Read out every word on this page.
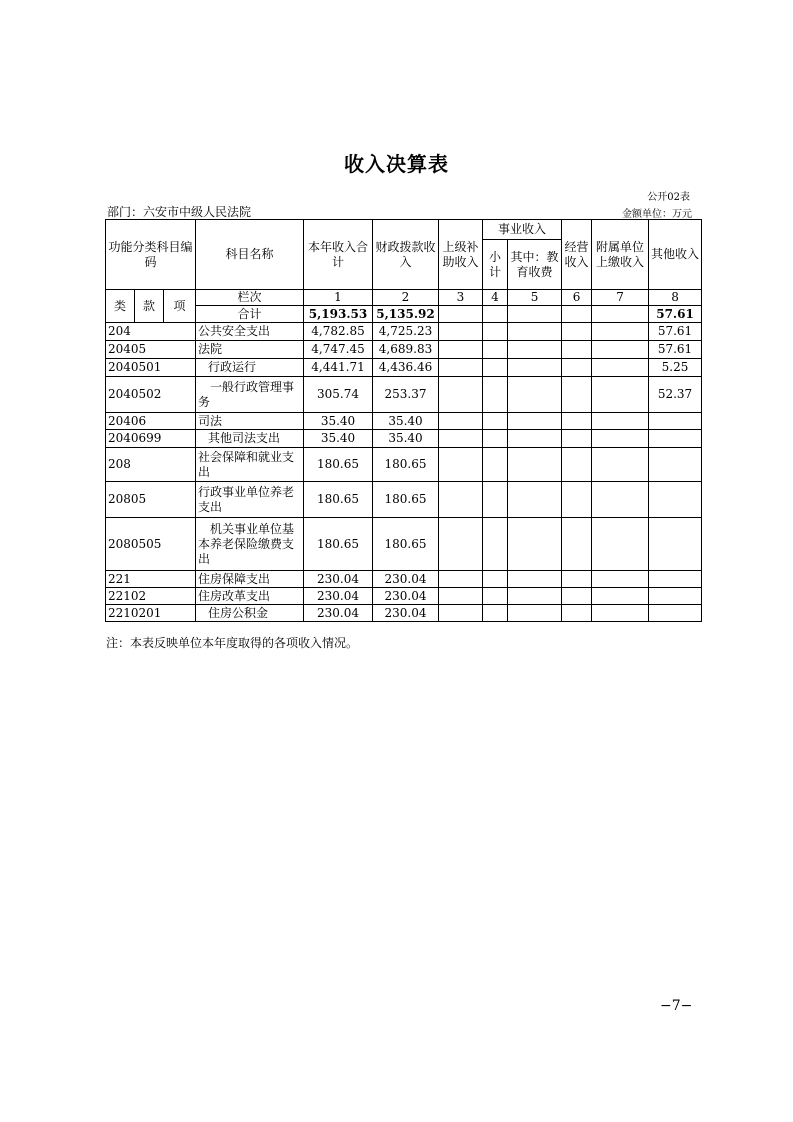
收入决算表
公开02表
部门：六安市中级人民法院	金额单位：万元
功能分类科目编码			科目名称	本年收入合计	财政拨款收入	上级补助收入	事业收入		经营收入	附属单位上缴收入	其他收入
							小计	其中：教育收费			

类	款	项	栏次	1	2	3	4	5	6	7	8
			合计	5,193.53	5,135.92						57.61
204			公共安全支出	4,782.85	4,725.23						57.61
20405			法院	4,747.45	4,689.83						57.61
2040501			行政运行	4,441.71	4,436.46						5.25
2040502			一般行政管理事务	305.74	253.37						52.37
20406			司法	35.40	35.40						
2040699			其他司法支出	35.40	35.40						
208			社会保障和就业支出	180.65	180.65						
20805			行政事业单位养老支出	180.65	180.65						
2080505			机关事业单位基本养老保险缴费支出	180.65	180.65						
221			住房保障支出	230.04	230.04						
22102			住房改革支出	230.04	230.04						
2210201			住房公积金	230.04	230.04						
注：本表反映单位本年度取得的各项收入情况。
−7−
